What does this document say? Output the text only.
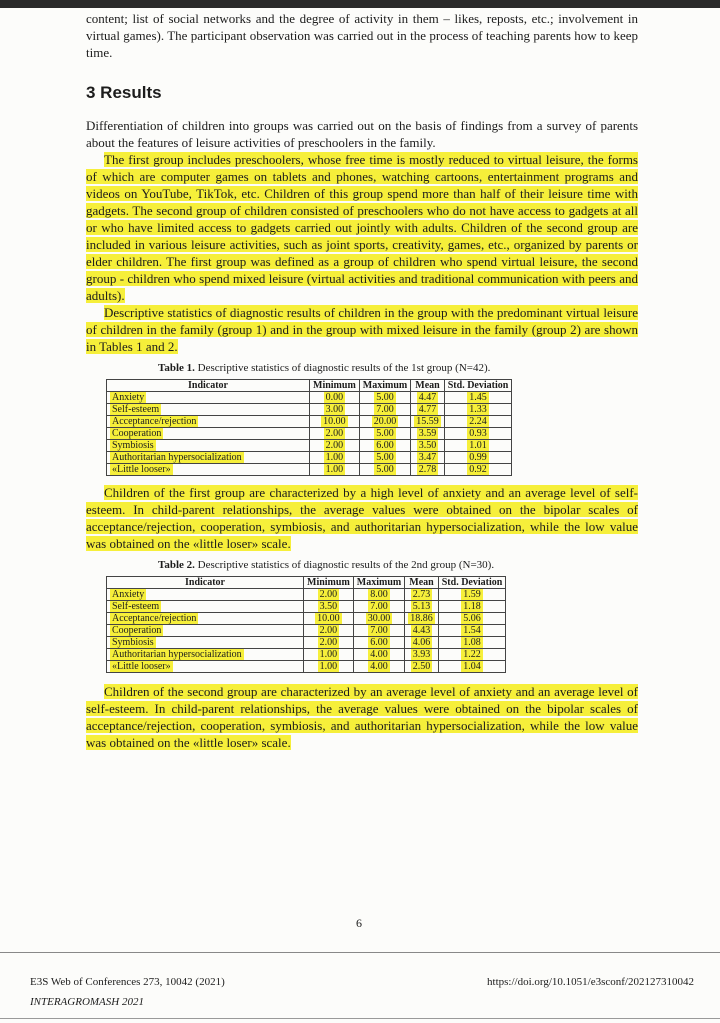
content; list of social networks and the degree of activity in them – likes, reposts, etc.; involvement in virtual games). The participant observation was carried out in the process of teaching parents how to keep time.

3 Results

Differentiation of children into groups was carried out on the basis of findings from a survey of parents about the features of leisure activities of preschoolers in the family.

The first group includes preschoolers, whose free time is mostly reduced to virtual leisure, the forms of which are computer games on tablets and phones, watching cartoons, entertainment programs and videos on YouTube, TikTok, etc. Children of this group spend more than half of their leisure time with gadgets. The second group of children consisted of preschoolers who do not have access to gadgets at all or who have limited access to gadgets carried out jointly with adults. Children of the second group are included in various leisure activities, such as joint sports, creativity, games, etc., organized by parents or elder children. The first group was defined as a group of children who spend virtual leisure, the second group - children who spend mixed leisure (virtual activities and traditional communication with peers and adults).

Descriptive statistics of diagnostic results of children in the group with the predominant virtual leisure of children in the family (group 1) and in the group with mixed leisure in the family (group 2) are shown in Tables 1 and 2.

Table 1. Descriptive statistics of diagnostic results of the 1st group (N=42).
Indicator	Minimum	Maximum	Mean	Std. Deviation
Anxiety	0.00	5.00	4.47	1.45
Self-esteem	3.00	7.00	4.77	1.33
Acceptance/rejection	10.00	20.00	15.59	2.24
Cooperation	2.00	5.00	3.59	0.93
Symbiosis	2.00	6.00	3.50	1.01
Authoritarian hypersocialization	1.00	5.00	3.47	0.99
«Little looser»	1.00	5.00	2.78	0.92

Children of the first group are characterized by a high level of anxiety and an average level of self-esteem. In child-parent relationships, the average values were obtained on the bipolar scales of acceptance/rejection, cooperation, symbiosis, and authoritarian hypersocialization, while the low value was obtained on the «little loser» scale.

Table 2. Descriptive statistics of diagnostic results of the 2nd group (N=30).
Indicator	Minimum	Maximum	Mean	Std. Deviation
Anxiety	2.00	8.00	2.73	1.59
Self-esteem	3.50	7.00	5.13	1.18
Acceptance/rejection	10.00	30.00	18.86	5.06
Cooperation	2.00	7.00	4.43	1.54
Symbiosis	2.00	6.00	4.06	1.08
Authoritarian hypersocialization	1.00	4.00	3.93	1.22
«Little looser»	1.00	4.00	2.50	1.04

Children of the second group are characterized by an average level of anxiety and an average level of self-esteem. In child-parent relationships, the average values were obtained on the bipolar scales of acceptance/rejection, cooperation, symbiosis, and authoritarian hypersocialization, while the low value was obtained on the «little loser» scale.

6
E3S Web of Conferences 273, 10042 (2021)
INTERAGROMASH 2021
https://doi.org/10.1051/e3sconf/202127310042
